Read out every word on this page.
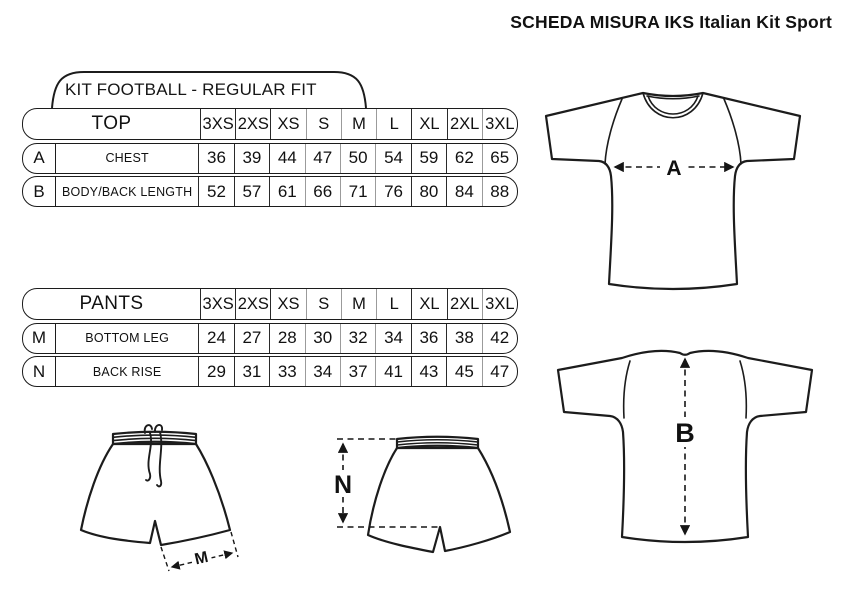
SCHEDA MISURA IKS Italian Kit Sport
KIT FOOTBALL - REGULAR FIT
TOP	3XS 2XS XS	S	M	L	XL 2XL 3XL
A	CHEST	36 39 44 47 50 54 59 62 65
B	BODY/BACK LENGTH 52 57 61 66 71 76 80 84 88
PANTS	3XS 2XS XS	S	M	L	XL 2XL 3XL
M	BOTTOM LEG	24 27 28 30 32 34 36 38 42
N	BACK RISE	29 31 33 34 37 41 43 45 47
A
B
M
N
